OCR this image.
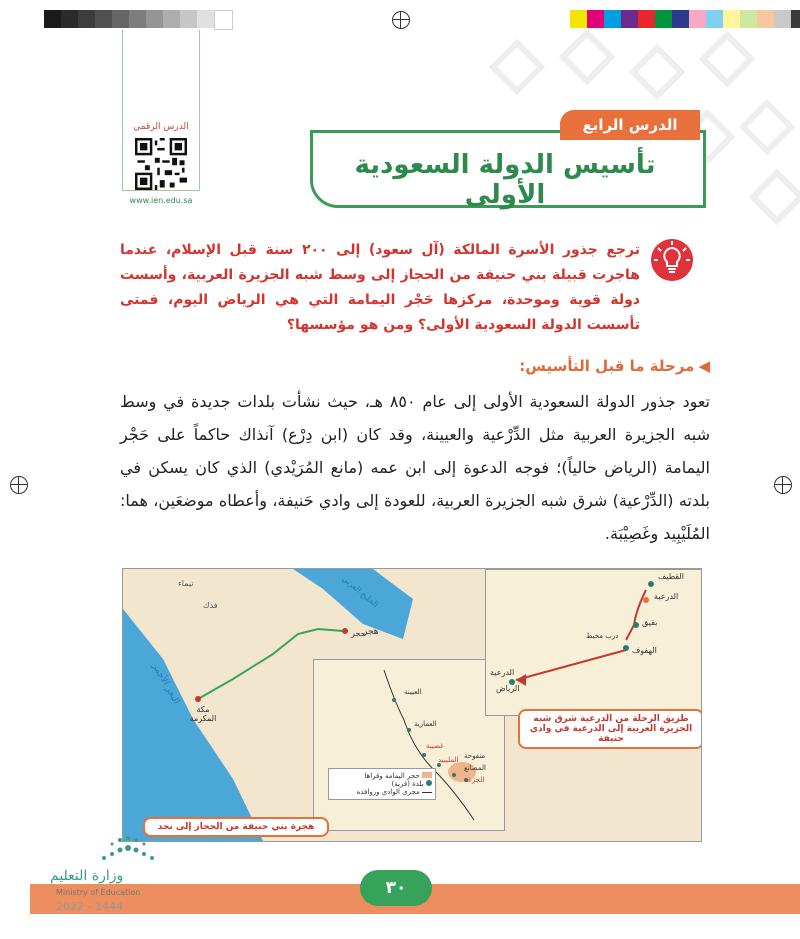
الدرس الرقمي
www.ien.edu.sa
الدرس الرابع
تأسيس الدولة السعودية الأولى
ترجع جذور الأسرة المالكة (آل سعود) إلى ٢٠٠ سنة قبل الإسلام، عندما هاجرت قبيلة بني حنيفة من الحجاز إلى وسط شبه الجزيرة العربية، وأسست دولة قوية وموحدة، مركزها حَجْر اليمامة التي هي الرياض اليوم، فمتى تأسست الدولة السعودية الأولى؟ ومن هو مؤسسها؟
◀مرحلة ما قبل التأسيس:
تعود جذور الدولة السعودية الأولى إلى عام ٨٥٠ هـ، حيث نشأت بلدات جديدة في وسط شبه الجزيرة العربية مثل الدِّرْعية والعيينة، وقد كان (ابن دِرْع) آنذاك حاكماً على حَجْر اليمامة (الرياض حالياً)؛ فوجه الدعوة إلى ابن عمه (مانع المُرَيْدي) الذي كان يسكن في بلدته (الدِّرْعية) شرق شبه الجزيرة العربية، للعودة إلى وادي حَنيفة، وأعطاه موضعَين، هما: المُلَيْبِيد وغَصِيْبَة.
تيماء
فدك
هجر
حجر
مكة المكرمة
البحر الأحمر
الخليج العربي
العيينة
العمارية
غصيبة
المليبيد منفوحة
المصانع
الجزعة
حجر اليمامة وقراها
بلدة (قرية)
مجرى الوادي وروافده
القطيف
الدرعية
بقيق
درب مخيط
الهفوف
الدرعية
الرياض
طريق الرحلة من الدرعية شرق شبه الجزيرة العربية إلى الدرعية في وادي حنيفة
هجرة بني حنيفة من الحجاز إلى نجد
وزارة التعليم
Ministry of Education
2022 - 1444
٣٠
